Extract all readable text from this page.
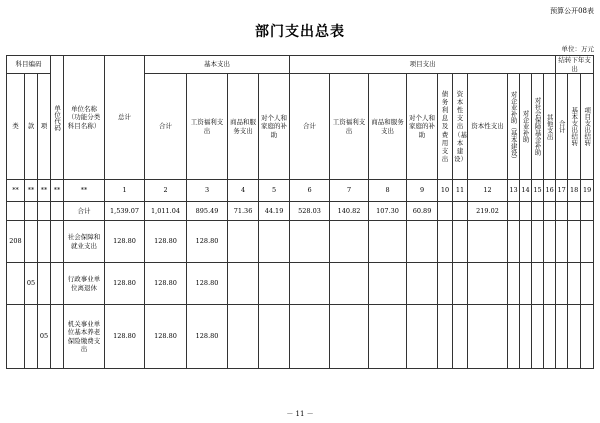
预算公开08表
部门支出总表
单位：万元
科目编码			单位代码	单位名称（功能分类科目名称）	总计	基本支出				项目支出											结转下年支出		
类	款	项				合计	工资福利支出	商品和服务支出	对个人和家庭的补助	合计	工资福利支出	商品和服务支出	对个人和家庭的补助	债务利息及费用支出	资本性支出（基本建设）	资本性支出	对企业补助（基本建设）	对企业补助	对社会保障基金补助	其他支出	合计	基本支出结转	项目支出结转
**	**	**	**	**	1	2	3	4	5	6	7	8	9	10	11	12	13	14	15	16	17	18	19
				合计	1,539.07	1,011.04	895.49	71.36	44.19	528.03	140.82	107.30	60.89			219.02							
208				社会保障和就业支出	128.80	128.80	128.80																
	05			行政事业单位离退休	128.80	128.80	128.80																
		05		机关事业单位基本养老保险缴费支出	128.80	128.80	128.80																
－ 11 －
